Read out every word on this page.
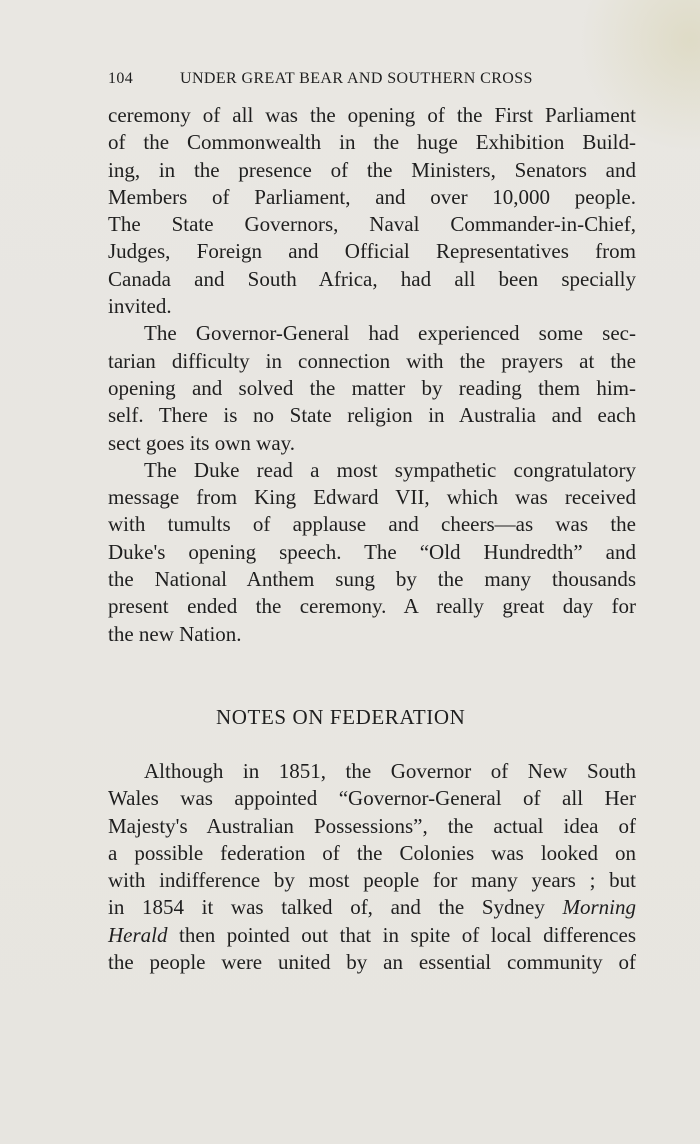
104	UNDER GREAT BEAR AND SOUTHERN CROSS
ceremony of all was the opening of the First Parliament
of the Commonwealth in the huge Exhibition Build-
ing, in the presence of the Ministers, Senators and
Members of Parliament, and over 10,000 people.
The State Governors, Naval Commander-in-Chief,
Judges, Foreign and Official Representatives from
Canada and South Africa, had all been specially
invited.
The Governor-General had experienced some sec-
tarian difficulty in connection with the prayers at the
opening and solved the matter by reading them him-
self. There is no State religion in Australia and each
sect goes its own way.
The Duke read a most sympathetic congratulatory
message from King Edward VII, which was received
with tumults of applause and cheers—as was the
Duke's opening speech. The “Old Hundredth” and
the National Anthem sung by the many thousands
present ended the ceremony. A really great day for
the new Nation.
NOTES ON FEDERATION
Although in 1851, the Governor of New South
Wales was appointed “Governor-General of all Her
Majesty's Australian Possessions”, the actual idea of
a possible federation of the Colonies was looked on
with indifference by most people for many years ; but
in 1854 it was talked of, and the Sydney Morning
Herald then pointed out that in spite of local differences
the people were united by an essential community of
